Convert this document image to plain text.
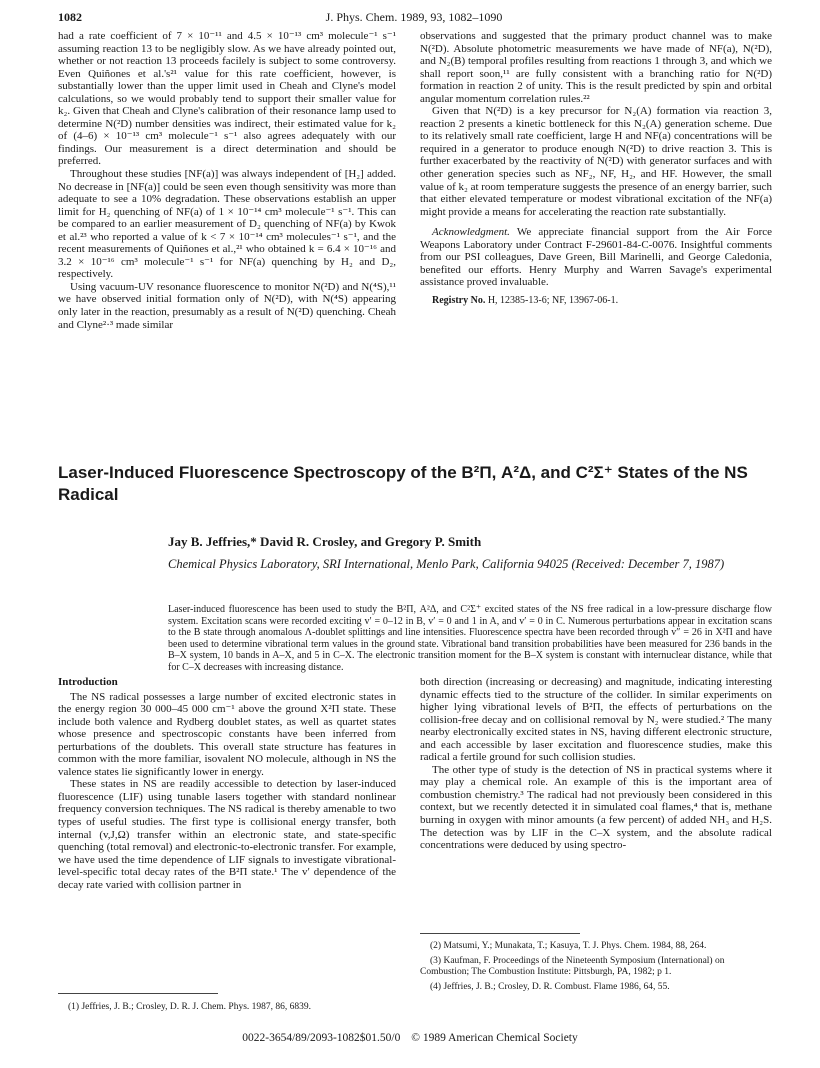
1082	J. Phys. Chem. 1989, 93, 1082–1090

had a rate coefficient of 7 × 10⁻¹¹ and 4.5 × 10⁻¹³ cm³ molecule⁻¹ s⁻¹ assuming reaction 13 to be negligibly slow. As we have already pointed out, whether or not reaction 13 proceeds facilely is subject to some controversy. Even Quiñones et al.'s²¹ value for this rate coefficient, however, is substantially lower than the upper limit used in Cheah and Clyne's model calculations, so we would probably tend to support their smaller value for k₂. Given that Cheah and Clyne's calibration of their resonance lamp used to determine N(²D) number densities was indirect, their estimated value for k₂ of (4–6) × 10⁻¹³ cm³ molecule⁻¹ s⁻¹ also agrees adequately with our findings. Our measurement is a direct determination and should be preferred.

Throughout these studies [NF(a)] was always independent of [H₂] added. No decrease in [NF(a)] could be seen even though sensitivity was more than adequate to see a 10% degradation. These observations establish an upper limit for H₂ quenching of NF(a) of 1 × 10⁻¹⁴ cm³ molecule⁻¹ s⁻¹. This can be compared to an earlier measurement of D₂ quenching of NF(a) by Kwok et al.²³ who reported a value of k < 7 × 10⁻¹⁴ cm³ molecules⁻¹ s⁻¹, and the recent measurements of Quiñones et al.,²¹ who obtained k = 6.4 × 10⁻¹⁶ and 3.2 × 10⁻¹⁶ cm³ molecule⁻¹ s⁻¹ for NF(a) quenching by H₂ and D₂, respectively.

Using vacuum-UV resonance fluorescence to monitor N(²D) and N(⁴S),¹¹ we have observed initial formation only of N(²D), with N(⁴S) appearing only later in the reaction, presumably as a result of N(²D) quenching. Cheah and Clyne²·³ made similar

observations and suggested that the primary product channel was to make N(²D). Absolute photometric measurements we have made of NF(a), N(²D), and N₂(B) temporal profiles resulting from reactions 1 through 3, and which we shall report soon,¹¹ are fully consistent with a branching ratio for N(²D) formation in reaction 2 of unity. This is the result predicted by spin and orbital angular momentum correlation rules.²²

Given that N(²D) is a key precursor for N₂(A) formation via reaction 3, reaction 2 presents a kinetic bottleneck for this N₂(A) generation scheme. Due to its relatively small rate coefficient, large H and NF(a) concentrations will be required in a generator to produce enough N(²D) to drive reaction 3. This is further exacerbated by the reactivity of N(²D) with generator surfaces and with other generation species such as NF₂, NF, H₂, and HF. However, the small value of k₂ at room temperature suggests the presence of an energy barrier, such that either elevated temperature or modest vibrational excitation of the NF(a) might provide a means for accelerating the reaction rate substantially.

Acknowledgment. We appreciate financial support from the Air Force Weapons Laboratory under Contract F-29601-84-C-0076. Insightful comments from our PSI colleagues, Dave Green, Bill Marinelli, and George Caledonia, benefited our efforts. Henry Murphy and Warren Savage's experimental assistance proved invaluable.

Registry No. H, 12385-13-6; NF, 13967-06-1.

Laser-Induced Fluorescence Spectroscopy of the B²Π, A²Δ, and C²Σ⁺ States of the NS Radical
Jay B. Jeffries,* David R. Crosley, and Gregory P. Smith
Chemical Physics Laboratory, SRI International, Menlo Park, California 94025 (Received: December 7, 1987)
Laser-induced fluorescence has been used to study the B²Π, A²Δ, and C²Σ⁺ excited states of the NS free radical in a low-pressure discharge flow system. Excitation scans were recorded exciting v′ = 0–12 in B, v′ = 0 and 1 in A, and v′ = 0 in C. Numerous perturbations appear in excitation scans to the B state through anomalous Λ-doublet splittings and line intensities. Fluorescence spectra have been recorded through v″ = 26 in X²Π and have been used to determine vibrational term values in the ground state. Vibrational band transition probabilities have been measured for 236 bands in the B–X system, 10 bands in A–X, and 5 in C–X. The electronic transition moment for the B–X system is constant with internuclear distance, while that for C–X decreases with increasing distance.
Introduction

The NS radical possesses a large number of excited electronic states in the energy region 30 000–45 000 cm⁻¹ above the ground X²Π state. These include both valence and Rydberg doublet states, as well as quartet states whose presence and spectroscopic constants have been inferred from perturbations of the doublets. This overall state structure has features in common with the more familiar, isovalent NO molecule, although in NS the valence states lie significantly lower in energy.

These states in NS are readily accessible to detection by laser-induced fluorescence (LIF) using tunable lasers together with standard nonlinear frequency conversion techniques. The NS radical is thereby amenable to two types of useful studies. The first type is collisional energy transfer, both internal (v,J,Ω) transfer within an electronic state, and state-specific quenching (total removal) and electronic-to-electronic transfer. For example, we have used the time dependence of LIF signals to investigate vibrational-level-specific total decay rates of the B²Π state.¹ The v′ dependence of the decay rate varied with collision partner in

both direction (increasing or decreasing) and magnitude, indicating interesting dynamic effects tied to the structure of the collider. In similar experiments on higher lying vibrational levels of B²Π, the effects of perturbations on the collision-free decay and on collisional removal by N₂ were studied.² The many nearby electronically excited states in NS, having different electronic structure, and each accessible by laser excitation and fluorescence studies, make this radical a fertile ground for such collision studies.

The other type of study is the detection of NS in practical systems where it may play a chemical role. An example of this is the important area of combustion chemistry.³ The radical had not previously been considered in this context, but we recently detected it in simulated coal flames,⁴ that is, methane burning in oxygen with minor amounts (a few percent) of added NH₃ and H₂S. The detection was by LIF in the C–X system, and the absolute radical concentrations were deduced by using spectro-

(2) Matsumi, Y.; Munakata, T.; Kasuya, T. J. Phys. Chem. 1984, 88, 264.

(3) Kaufman, F. Proceedings of the Nineteenth Symposium (International) on Combustion; The Combustion Institute: Pittsburgh, PA, 1982; p 1.

(4) Jeffries, J. B.; Crosley, D. R. Combust. Flame 1986, 64, 55.

(1) Jeffries, J. B.; Crosley, D. R. J. Chem. Phys. 1987, 86, 6839.

0022-3654/89/2093-1082$01.50/0 © 1989 American Chemical Society
